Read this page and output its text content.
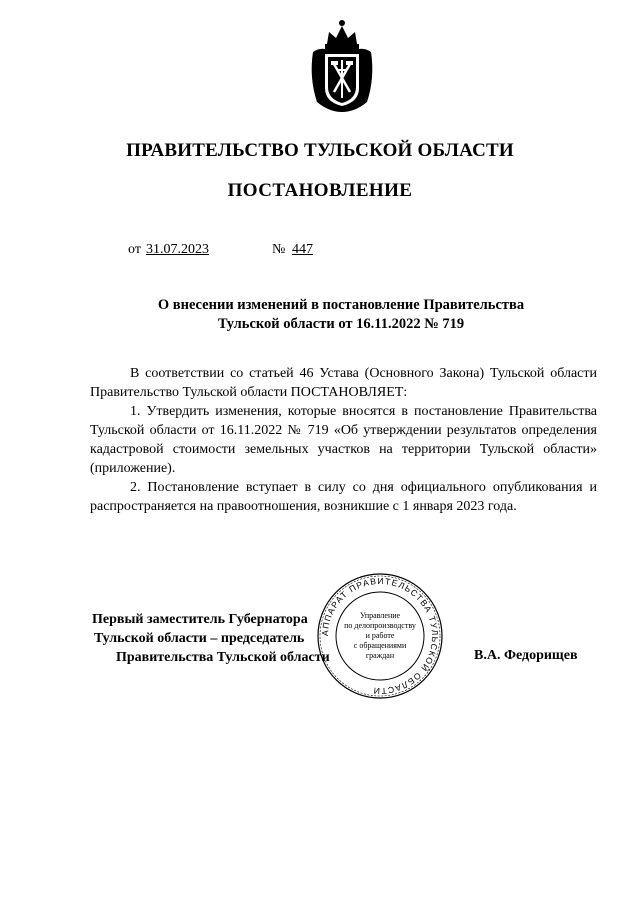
ПРАВИТЕЛЬСТВО ТУЛЬСКОЙ ОБЛАСТИ
ПОСТАНОВЛЕНИЕ
от 31.07.2023	№ 447
О внесении изменений в постановление Правительства
Тульской области от 16.11.2022 № 719

В соответствии со статьей 46 Устава (Основного Закона) Тульской области Правительство Тульской области ПОСТАНОВЛЯЕТ:

1. Утвердить изменения, которые вносятся в постановление Правительства Тульской области от 16.11.2022 № 719 «Об утверждении результатов определения кадастровой стоимости земельных участков на территории Тульской области» (приложение).

2. Постановление вступает в силу со дня официального опубликования и распространяется на правоотношения, возникшие с 1 января 2023 года.

Первый заместитель Губернатора
Тульской области – председатель
Правительства Тульской области	В.А. Федорищев
АППАРАТ ПРАВИТЕЛЬСТВА ТУЛЬСКОЙ ОБЛАСТИ
Управление
по делопроизводству
и работе
с обращениями
граждан
